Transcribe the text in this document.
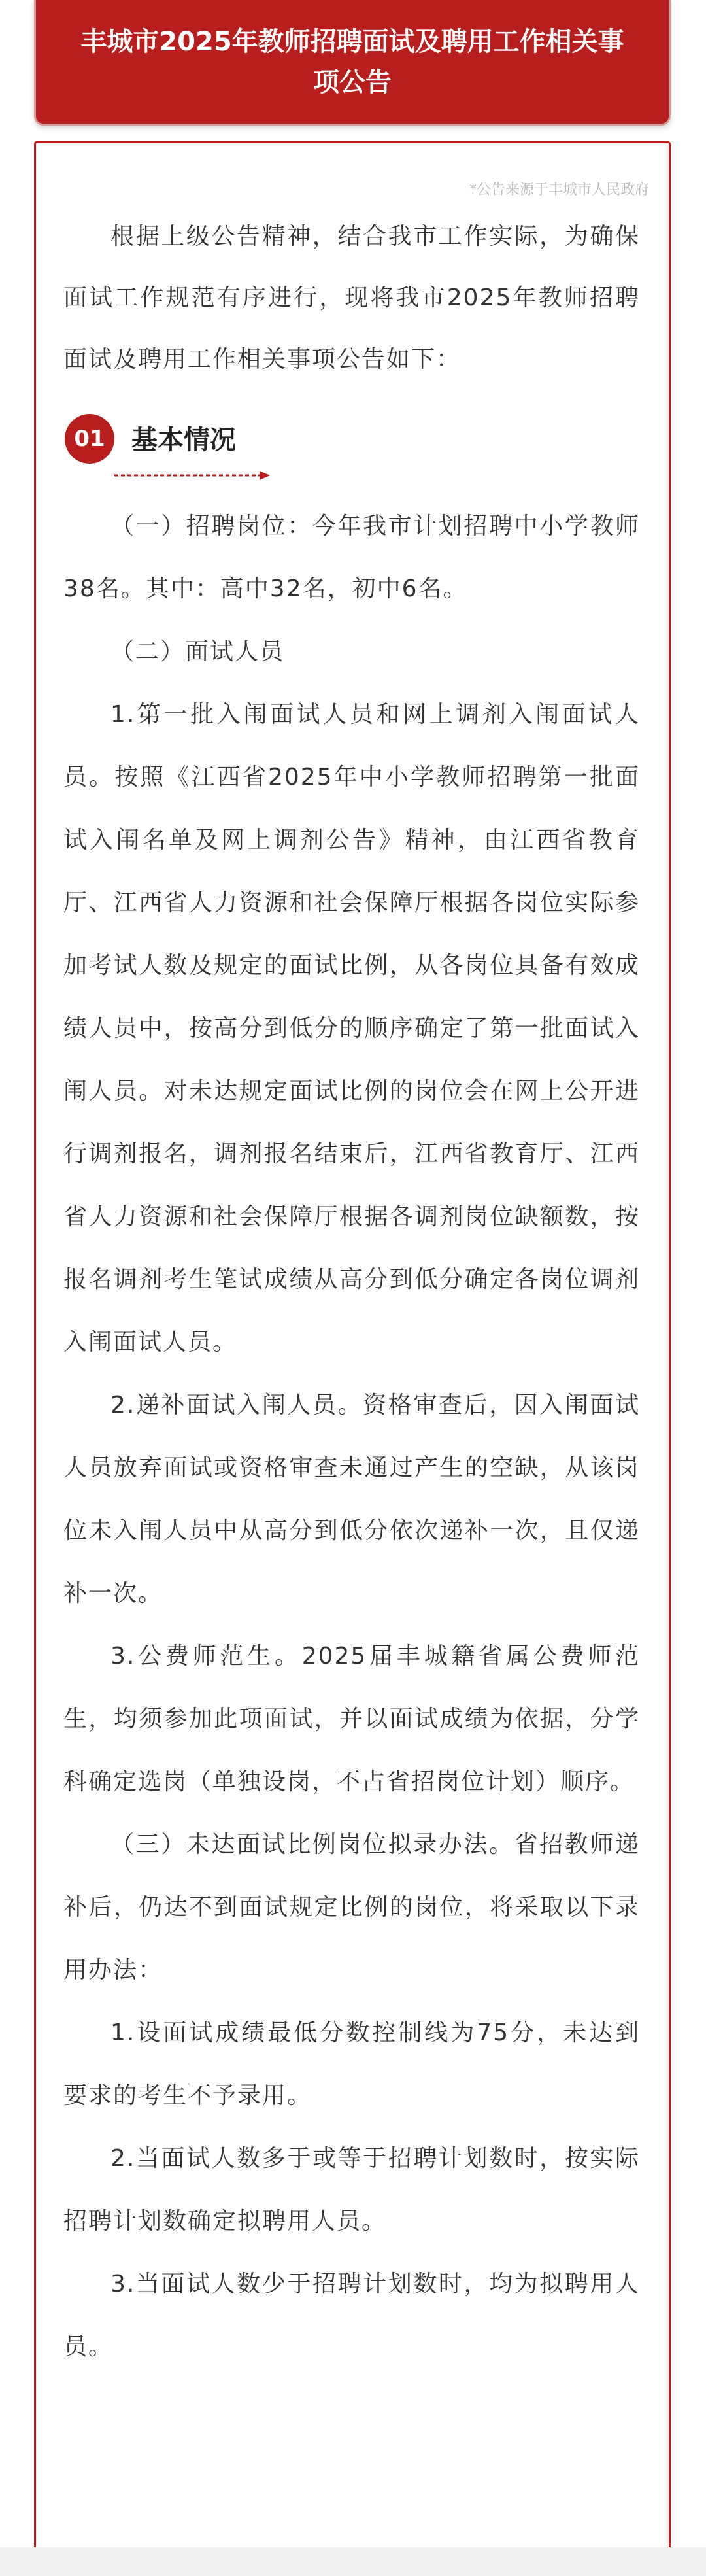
丰城市2025年教师招聘面试及聘用工作相关事项公告

*公告来源于丰城市人民政府

根据上级公告精神，结合我市工作实际，为确保面试工作规范有序进行，现将我市2025年教师招聘面试及聘用工作相关事项公告如下：

01	基本情况

（一）招聘岗位：今年我市计划招聘中小学教师38名。其中：高中32名，初中6名。

（二）面试人员

1.第一批入闱面试人员和网上调剂入闱面试人员。按照《江西省2025年中小学教师招聘第一批面试入闱名单及网上调剂公告》精神，由江西省教育厅、江西省人力资源和社会保障厅根据各岗位实际参加考试人数及规定的面试比例，从各岗位具备有效成绩人员中，按高分到低分的顺序确定了第一批面试入闱人员。对未达规定面试比例的岗位会在网上公开进行调剂报名，调剂报名结束后，江西省教育厅、江西省人力资源和社会保障厅根据各调剂岗位缺额数，按报名调剂考生笔试成绩从高分到低分确定各岗位调剂入闱面试人员。

2.递补面试入闱人员。资格审查后，因入闱面试人员放弃面试或资格审查未通过产生的空缺，从该岗位未入闱人员中从高分到低分依次递补一次，且仅递补一次。

3.公费师范生。2025届丰城籍省属公费师范生，均须参加此项面试，并以面试成绩为依据，分学科确定选岗（单独设岗，不占省招岗位计划）顺序。

（三）未达面试比例岗位拟录办法。省招教师递补后，仍达不到面试规定比例的岗位，将采取以下录用办法：

1.设面试成绩最低分数控制线为75分，未达到要求的考生不予录用。

2.当面试人数多于或等于招聘计划数时，按实际招聘计划数确定拟聘用人员。

3.当面试人数少于招聘计划数时，均为拟聘用人员。
